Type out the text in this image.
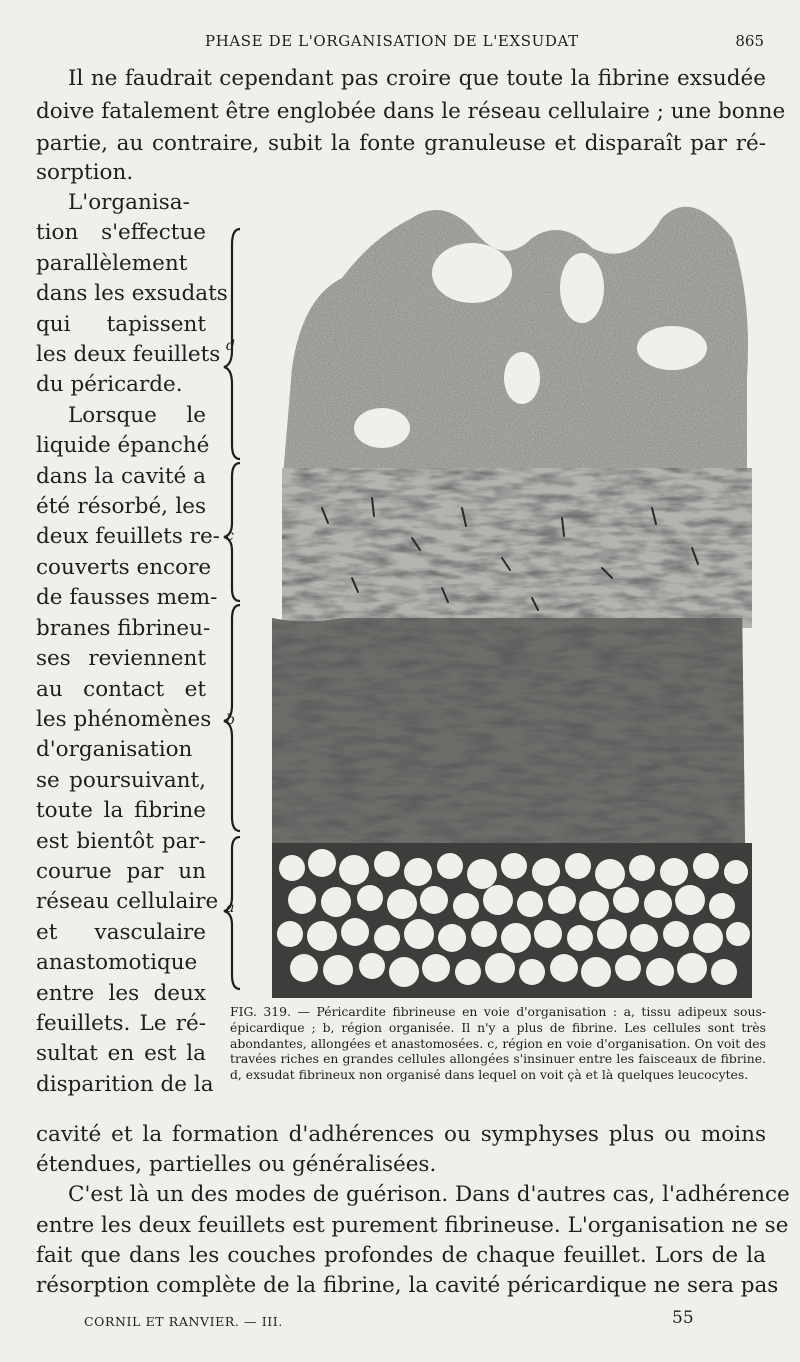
PHASE DE L'ORGANISATION DE L'EXSUDAT	865
Il ne faudrait cependant pas croire que toute la fibrine exsudée
doive fatalement être englobée dans le réseau cellulaire ; une bonne
partie, au contraire, subit la fonte granuleuse et disparaît par ré-
sorption.
L'organisa-
tion s'effectue
parallèlement
dans les exsudats
qui tapissent
les deux feuillets
du péricarde.
Lorsque le
liquide épanché
dans la cavité a
été résorbé, les
deux feuillets re-
couverts encore
de fausses mem-
branes fibrineu-
ses reviennent
au contact et
les phénomènes
d'organisation
se poursuivant,
toute la fibrine
est bientôt par-
courue par un
réseau cellulaire
et vasculaire
anastomotique
entre les deux
feuillets. Le ré-
sultat en est la
disparition de la
d
c
b
a

FIG. 319. — Péricardite fibrineuse en voie d'organisation : a, tissu adipeux sous-épicardique ; b, région organisée. Il n'y a plus de fibrine. Les cellules sont très abondantes, allongées et anastomosées. c, région en voie d'organisation. On voit des travées riches en grandes cellules allongées s'insinuer entre les faisceaux de fibrine. d, exsudat fibrineux non organisé dans lequel on voit çà et là quelques leucocytes.

cavité et la formation d'adhérences ou symphyses plus ou moins
étendues, partielles ou généralisées.
C'est là un des modes de guérison. Dans d'autres cas, l'adhérence
entre les deux feuillets est purement fibrineuse. L'organisation ne se
fait que dans les couches profondes de chaque feuillet. Lors de la
résorption complète de la fibrine, la cavité péricardique ne sera pas
CORNIL ET RANVIER. — III.	55
